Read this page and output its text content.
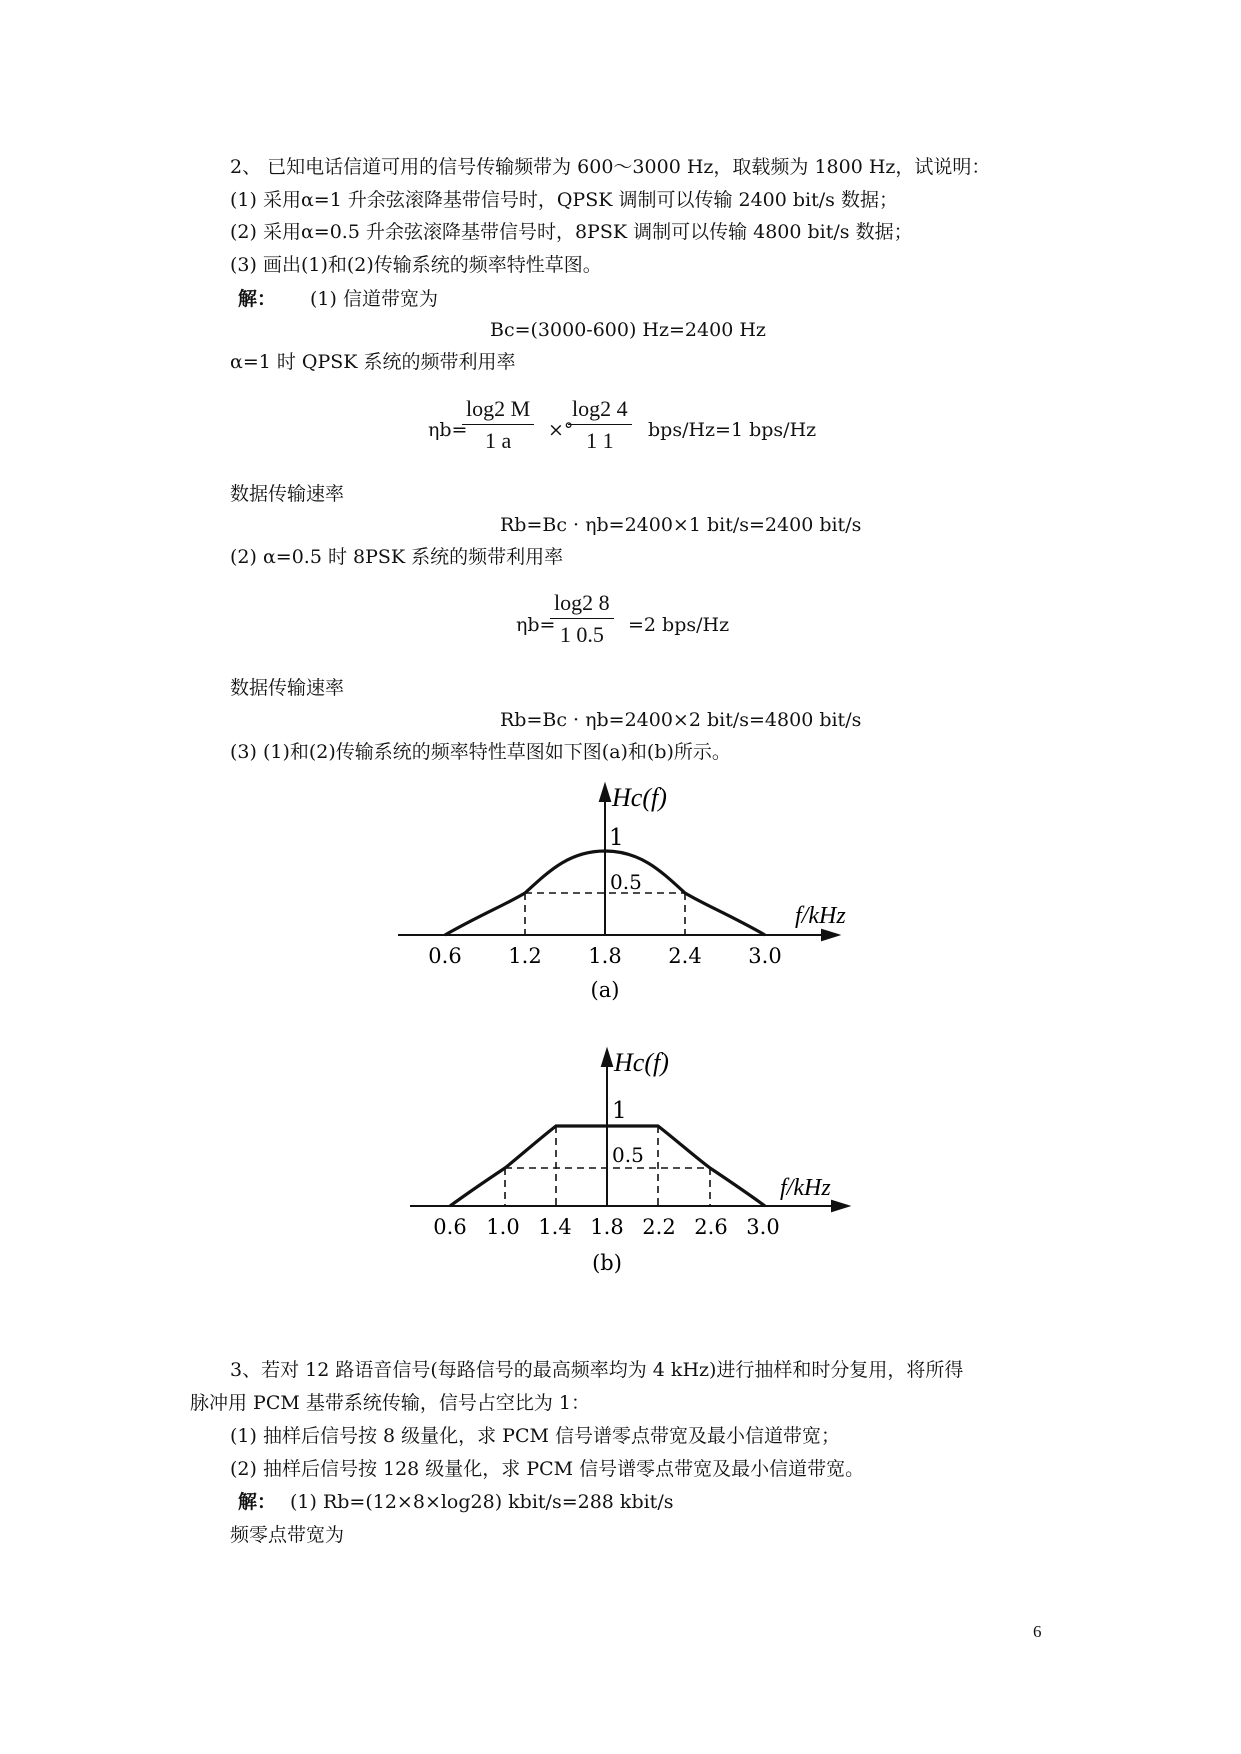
2、 已知电话信道可用的信号传输频带为 600～3000 Hz，取载频为 1800 Hz，试说明：
(1) 采用α=1 升余弦滚降基带信号时，QPSK 调制可以传输 2400 bit/s 数据；
(2) 采用α=0.5 升余弦滚降基带信号时，8PSK 调制可以传输 4800 bit/s 数据；
(3) 画出(1)和(2)传输系统的频率特性草图。
解： (1) 信道带宽为
Bc=(3000-600) Hz=2400 Hz
α=1 时 QPSK 系统的频带利用率
ηb=
$\frac{\log 2 M}{1 a}$ ×°
$\frac{\log 2 4}{1 1} bps/Hz=1$ bps/Hz
数据传输速率
Rb=Bc · ηb=2400×1 bit/s=2400 bit/s
(2) α=0.5 时 8PSK 系统的频带利用率
ηb=
$\frac{\log 2 8}{1 0.5} =2$ bps/Hz
数据传输速率
Rb=Bc · ηb=2400×2 bit/s=4800 bit/s
(3) (1)和(2)传输系统的频率特性草图如下图(a)和(b)所示。
Hc(f)
1
0.5
f/kHz
0.6 1.2 1.8 2.4 3.0
(a)
Hc(f)
1
0.5
f/kHz
0.6 1.0 1.4 1.8 2.2 2.6 3.0
(b)
3、若对 12 路语音信号(每路信号的最高频率均为 4 kHz)进行抽样和时分复用，将所得
脉冲用 PCM 基带系统传输，信号占空比为 1：
(1) 抽样后信号按 8 级量化，求 PCM 信号谱零点带宽及最小信道带宽；
(2) 抽样后信号按 128 级量化，求 PCM 信号谱零点带宽及最小信道带宽。
解： (1) Rb=(12×8×log28) kbit/s=288 kbit/s
频零点带宽为
6
